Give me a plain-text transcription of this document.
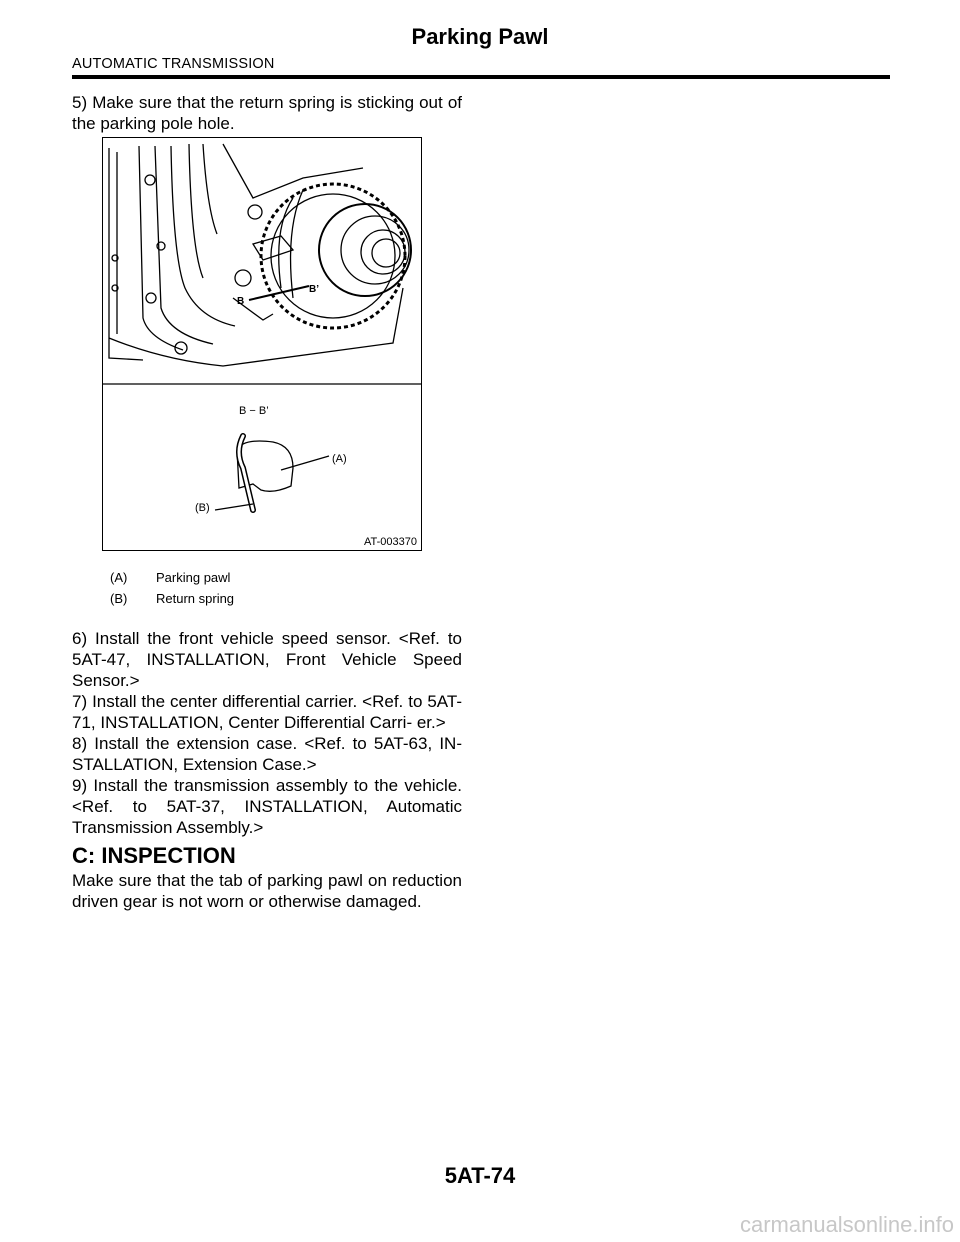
Parking Pawl
AUTOMATIC TRANSMISSION

5) Make sure that the return spring is sticking out of the parking pole hole.

B
B’
B − B’
(A)
(B)
AT-003370
(A) Parking pawl
(B) Return spring

6) Install the front vehicle speed sensor. <Ref. to 5AT-47, INSTALLATION, Front Vehicle Speed Sensor.>

7) Install the center differential carrier. <Ref. to 5AT-71, INSTALLATION, Center Differential Carri- er.>

8) Install the extension case. <Ref. to 5AT-63, IN- STALLATION, Extension Case.>

9) Install the transmission assembly to the vehicle. <Ref. to 5AT-37, INSTALLATION, Automatic Transmission Assembly.>

C: INSPECTION

Make sure that the tab of parking pawl on reduction driven gear is not worn or otherwise damaged.

5AT-74
carmanualsonline.info
